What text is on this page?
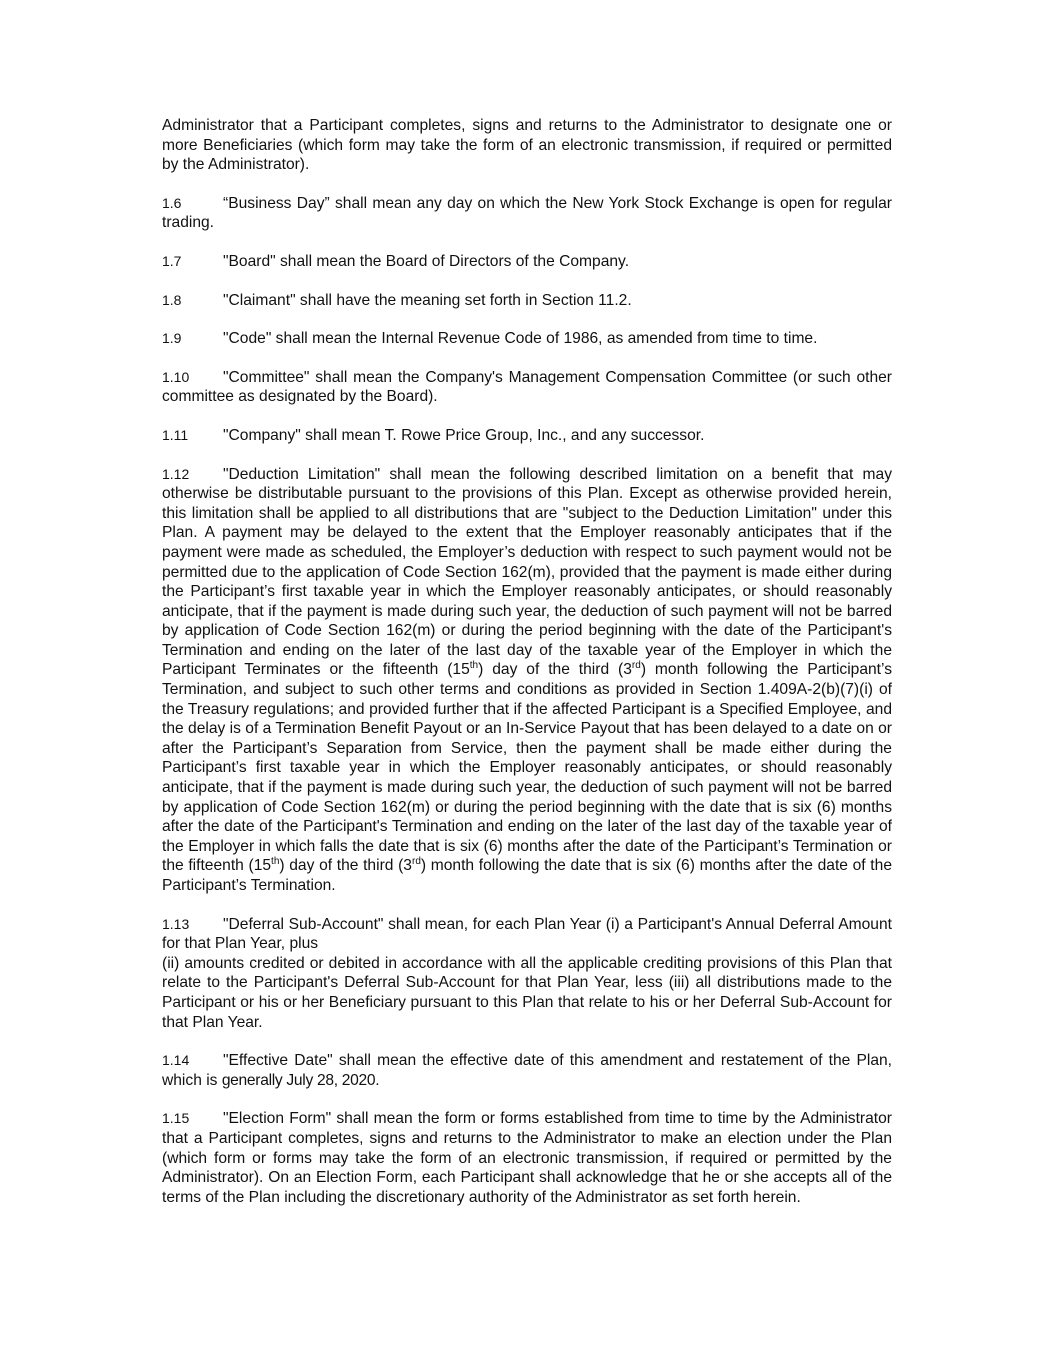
Administrator that a Participant completes, signs and returns to the Administrator to designate one or more Beneficiaries (which form may take the form of an electronic transmission, if required or permitted by the Administrator).

1.6	“Business Day” shall mean any day on which the New York Stock Exchange is open for regular trading.

1.7	"Board" shall mean the Board of Directors of the Company.

1.8	"Claimant" shall have the meaning set forth in Section 11.2.

1.9	"Code" shall mean the Internal Revenue Code of 1986, as amended from time to time.

1.10 "Committee" shall mean the Company's Management Compensation Committee (or such other committee as designated by the Board).

1.11 "Company" shall mean T. Rowe Price Group, Inc., and any successor.

1.12 "Deduction Limitation" shall mean the following described limitation on a benefit that may otherwise be distributable pursuant to the provisions of this Plan. Except as otherwise provided herein, this limitation shall be applied to all distributions that are "subject to the Deduction Limitation" under this Plan. A payment may be delayed to the extent that the Employer reasonably anticipates that if the payment were made as scheduled, the Employer’s deduction with respect to such payment would not be permitted due to the application of Code Section 162(m), provided that the payment is made either during the Participant’s first taxable year in which the Employer reasonably anticipates, or should reasonably anticipate, that if the payment is made during such year, the deduction of such payment will not be barred by application of Code Section 162(m) or during the period beginning with the date of the Participant's Termination and ending on the later of the last day of the taxable year of the Employer in which the Participant Terminates or the fifteenth (15th) day of the third (3rd) month following the Participant’s Termination, and subject to such other terms and conditions as provided in Section 1.409A-2(b)(7)(i) of the Treasury regulations; and provided further that if the affected Participant is a Specified Employee, and the delay is of a Termination Benefit Payout or an In-Service Payout that has been delayed to a date on or after the Participant’s Separation from Service, then the payment shall be made either during the Participant’s first taxable year in which the Employer reasonably anticipates, or should reasonably anticipate, that if the payment is made during such year, the deduction of such payment will not be barred by application of Code Section 162(m) or during the period beginning with the date that is six (6) months after the date of the Participant's Termination and ending on the later of the last day of the taxable year of the Employer in which falls the date that is six (6) months after the date of the Participant’s Termination or the fifteenth (15th) day of the third (3rd) month following the date that is six (6) months after the date of the Participant’s Termination.

1.13 "Deferral Sub-Account" shall mean, for each Plan Year (i) a Participant's Annual Deferral Amount for that Plan Year, plus
(ii) amounts credited or debited in accordance with all the applicable crediting provisions of this Plan that relate to the Participant's Deferral Sub-Account for that Plan Year, less (iii) all distributions made to the Participant or his or her Beneficiary pursuant to this Plan that relate to his or her Deferral Sub-Account for that Plan Year.

1.14 "Effective Date" shall mean the effective date of this amendment and restatement of the Plan, which is generally July 28, 2020.

1.15 "Election Form" shall mean the form or forms established from time to time by the Administrator that a Participant completes, signs and returns to the Administrator to make an election under the Plan (which form or forms may take the form of an electronic transmission, if required or permitted by the Administrator). On an Election Form, each Participant shall acknowledge that he or she accepts all of the terms of the Plan including the discretionary authority of the Administrator as set forth herein.
